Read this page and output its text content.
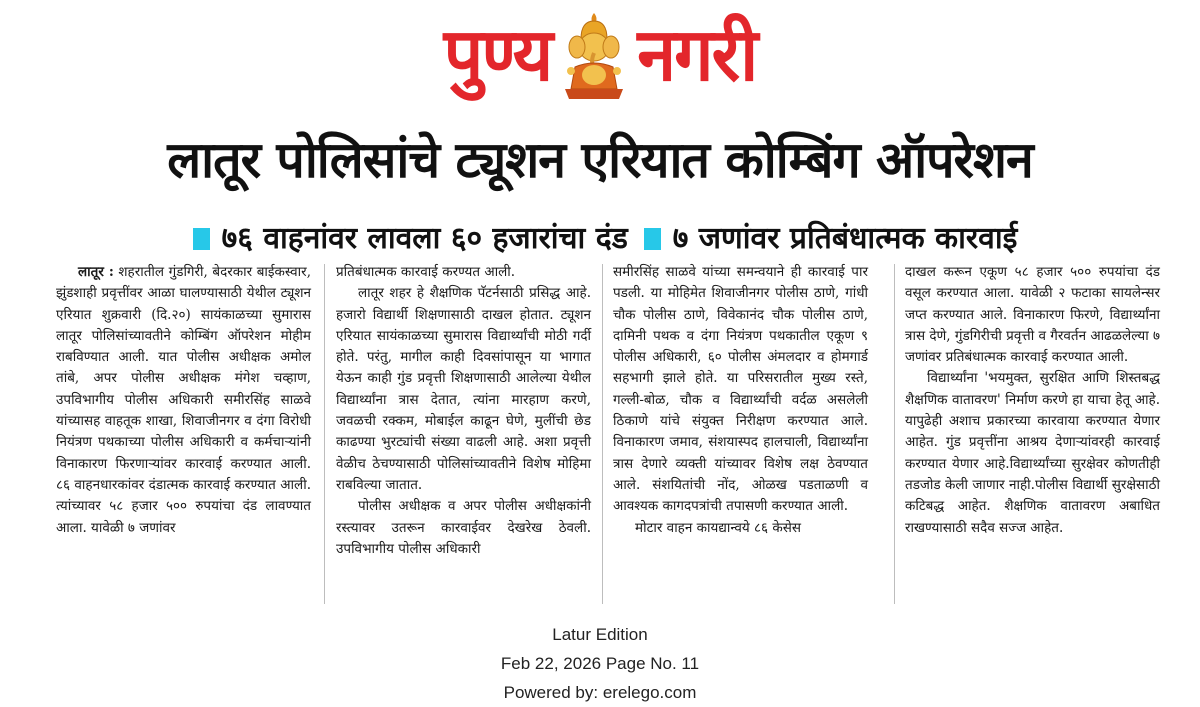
पुण्य नगरी
लातूर पोलिसांचे ट्यूशन एरियात कोम्बिंग ऑपरेशन
७६ वाहनांवर लावला ६० हजारांचा दंड ७ जणांवर प्रतिबंधात्मक कारवाई

लातूर : शहरातील गुंडगिरी, बेदरकार बाईकस्वार, झुंडशाही प्रवृत्तींवर आळा घालण्यासाठी येथील ट्यूशन एरियात शुक्रवारी (दि.२०) सायंकाळच्या सुमारास लातूर पोलिसांच्यावतीने कोम्बिंग ऑपरेशन मोहीम राबविण्यात आली. यात पोलीस अधीक्षक अमोल तांबे, अपर पोलीस अधीक्षक मंगेश चव्हाण, उपविभागीय पोलीस अधिकारी समीरसिंह साळवे यांच्यासह वाहतूक शाखा, शिवाजीनगर व दंगा विरोधी नियंत्रण पथकाच्या पोलीस अधिकारी व कर्मचाऱ्यांनी विनाकारण फिरणाऱ्यांवर कारवाई करण्यात आली. ८६ वाहनधारकांवर दंडात्मक कारवाई करण्यात आली. त्यांच्यावर ५८ हजार ५०० रुपयांचा दंड लावण्यात आला. यावेळी ७ जणांवर

प्रतिबंधात्मक कारवाई करण्यत आली.

लातूर शहर हे शैक्षणिक पॅटर्नसाठी प्रसिद्ध आहे. हजारो विद्यार्थी शिक्षणासाठी दाखल होतात. ट्यूशन एरियात सायंकाळच्या सुमारास विद्यार्थ्यांची मोठी गर्दी होते. परंतु, मागील काही दिवसांपासून या भागात येऊन काही गुंड प्रवृत्ती शिक्षणासाठी आलेल्या येथील विद्यार्थ्यांना त्रास देतात, त्यांना मारहाण करणे, जवळची रक्कम, मोबाईल काढून घेणे, मुलींची छेड काढण्या भुरट्यांची संख्या वाढली आहे. अशा प्रवृत्ती वेळीच ठेचण्यासाठी पोलिसांच्यावतीने विशेष मोहिमा राबविल्या जातात.

पोलीस अधीक्षक व अपर पोलीस अधीक्षकांनी रस्त्यावर उतरून कारवाईवर देखरेख ठेवली. उपविभागीय पोलीस अधिकारी

समीरसिंह साळवे यांच्या समन्वयाने ही कारवाई पार पडली. या मोहिमेत शिवाजीनगर पोलीस ठाणे, गांधी चौक पोलीस ठाणे, विवेकानंद चौक पोलीस ठाणे, दामिनी पथक व दंगा नियंत्रण पथकातील एकूण ९ पोलीस अधिकारी, ६० पोलीस अंमलदार व होमगार्ड सहभागी झाले होते. या परिसरातील मुख्य रस्ते, गल्ली-बोळ, चौक व विद्यार्थ्यांची वर्दळ असलेली ठिकाणे यांचे संयुक्त निरीक्षण करण्यात आले. विनाकारण जमाव, संशयास्पद हालचाली, विद्यार्थ्यांना त्रास देणारे व्यक्ती यांच्यावर विशेष लक्ष ठेवण्यात आले. संशयितांची नोंद, ओळख पडताळणी व आवश्यक कागदपत्रांची तपासणी करण्यात आली.

मोटार वाहन कायद्यान्वये ८६ केसेस

दाखल करून एकूण ५८ हजार ५०० रुपयांचा दंड वसूल करण्यात आला. यावेळी २ फटाका सायलेन्सर जप्त करण्यात आले. विनाकारण फिरणे, विद्यार्थ्यांना त्रास देणे, गुंडगिरीची प्रवृत्ती व गैरवर्तन आढळलेल्या ७ जणांवर प्रतिबंधात्मक कारवाई करण्यात आली.

विद्यार्थ्यांना 'भयमुक्त, सुरक्षित आणि शिस्तबद्ध शैक्षणिक वातावरण' निर्माण करणे हा याचा हेतू आहे. यापुढेही अशाच प्रकारच्या कारवाया करण्यात येणार आहेत. गुंड प्रवृत्तींना आश्रय देणाऱ्यांवरही कारवाई करण्यात येणार आहे.विद्यार्थ्यांच्या सुरक्षेवर कोणतीही तडजोड केली जाणार नाही.पोलीस विद्यार्थी सुरक्षेसाठी कटिबद्ध आहेत. शैक्षणिक वातावरण अबाधित राखण्यासाठी सदैव सज्ज आहेत.

Latur Edition
Feb 22, 2026 Page No. 11
Powered by: erelego.com
